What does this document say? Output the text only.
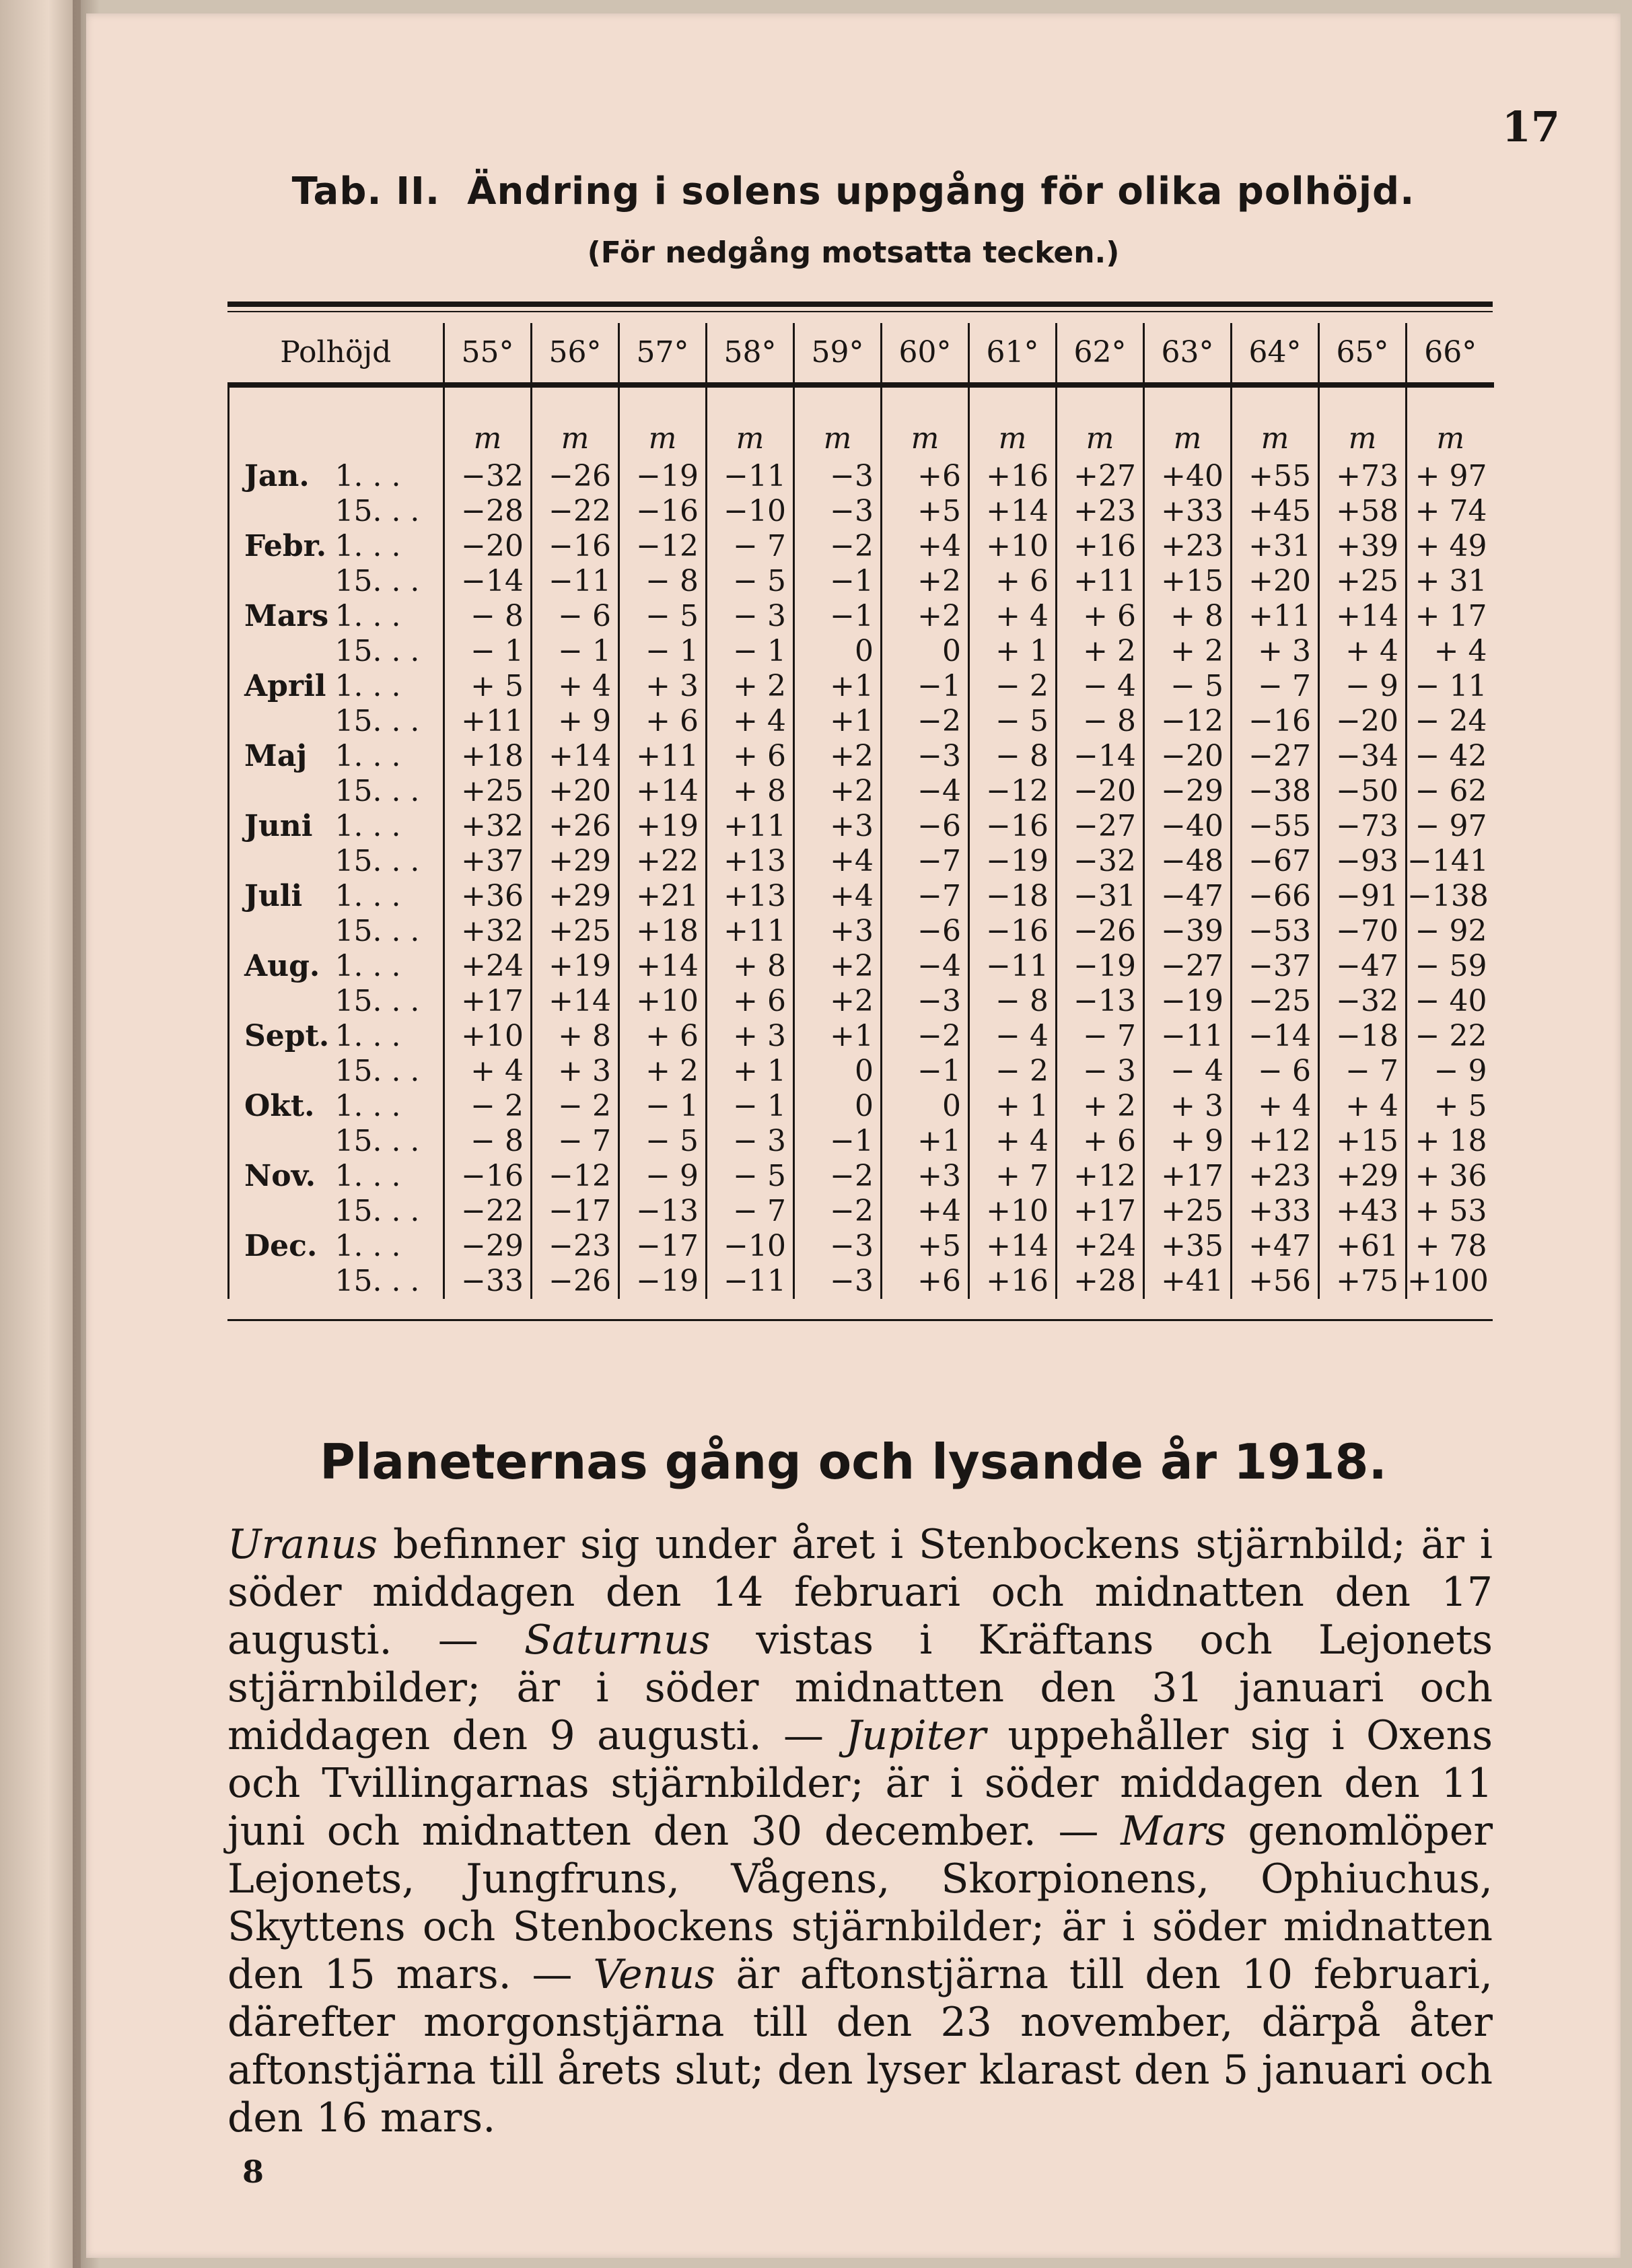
17
Tab. II. Ändring i solens uppgång för olika polhöjd.
(För nedgång motsatta tecken.)
Polhöjd		55°	56°	57°	58°	59°	60°	61°	62°	63°	64°	65°	66°
		m	m	m	m	m	m	m	m	m	m	m	m
Jan.	1. . .	−32	−26	−19	−11	−3	+6	+16	+27	+40	+55	+73	+ 97
	15. . .	−28	−22	−16	−10	−3	+5	+14	+23	+33	+45	+58	+ 74
Febr.	1. . .	−20	−16	−12	− 7	−2	+4	+10	+16	+23	+31	+39	+ 49
	15. . .	−14	−11	− 8	− 5	−1	+2	+ 6	+11	+15	+20	+25	+ 31
Mars	1. . .	− 8	− 6	− 5	− 3	−1	+2	+ 4	+ 6	+ 8	+11	+14	+ 17
	15. . .	− 1	− 1	− 1	− 1	0	0	+ 1	+ 2	+ 2	+ 3	+ 4	+ 4
April	1. . .	+ 5	+ 4	+ 3	+ 2	+1	−1	− 2	− 4	− 5	− 7	− 9	− 11
	15. . .	+11	+ 9	+ 6	+ 4	+1	−2	− 5	− 8	−12	−16	−20	− 24
Maj	1. . .	+18	+14	+11	+ 6	+2	−3	− 8	−14	−20	−27	−34	− 42
	15. . .	+25	+20	+14	+ 8	+2	−4	−12	−20	−29	−38	−50	− 62
Juni	1. . .	+32	+26	+19	+11	+3	−6	−16	−27	−40	−55	−73	− 97
	15. . .	+37	+29	+22	+13	+4	−7	−19	−32	−48	−67	−93	−141
Juli	1. . .	+36	+29	+21	+13	+4	−7	−18	−31	−47	−66	−91	−138
	15. . .	+32	+25	+18	+11	+3	−6	−16	−26	−39	−53	−70	− 92
Aug.	1. . .	+24	+19	+14	+ 8	+2	−4	−11	−19	−27	−37	−47	− 59
	15. . .	+17	+14	+10	+ 6	+2	−3	− 8	−13	−19	−25	−32	− 40
Sept.	1. . .	+10	+ 8	+ 6	+ 3	+1	−2	− 4	− 7	−11	−14	−18	− 22
	15. . .	+ 4	+ 3	+ 2	+ 1	0	−1	− 2	− 3	− 4	− 6	− 7	− 9
Okt.	1. . .	− 2	− 2	− 1	− 1	0	0	+ 1	+ 2	+ 3	+ 4	+ 4	+ 5
	15. . .	− 8	− 7	− 5	− 3	−1	+1	+ 4	+ 6	+ 9	+12	+15	+ 18
Nov.	1. . .	−16	−12	− 9	− 5	−2	+3	+ 7	+12	+17	+23	+29	+ 36
	15. . .	−22	−17	−13	− 7	−2	+4	+10	+17	+25	+33	+43	+ 53
Dec.	1. . .	−29	−23	−17	−10	−3	+5	+14	+24	+35	+47	+61	+ 78
	15. . .	−33	−26	−19	−11	−3	+6	+16	+28	+41	+56	+75	+100
Planeternas gång och lysande år 1918.
Uranus befinner sig under året i Stenbockens stjärnbild; är i söder middagen den 14 februari och midnatten den 17 augusti. — Saturnus vistas i Kräftans och Lejonets stjärnbilder; är i söder midnatten den 31 januari och middagen den 9 augusti. — Jupiter uppehåller sig i Oxens och Tvillingarnas stjärnbilder; är i söder middagen den 11 juni och midnatten den 30 december. — Mars genomlöper Lejonets, Jungfruns, Vågens, Skorpionens, Ophiuchus, Skyttens och Stenbockens stjärnbilder; är i söder midnatten den 15 mars. — Venus är aftonstjärna till den 10 februari, därefter morgonstjärna till den 23 november, därpå åter aftonstjärna till årets slut; den lyser klarast den 5 januari och den 16 mars.
8
